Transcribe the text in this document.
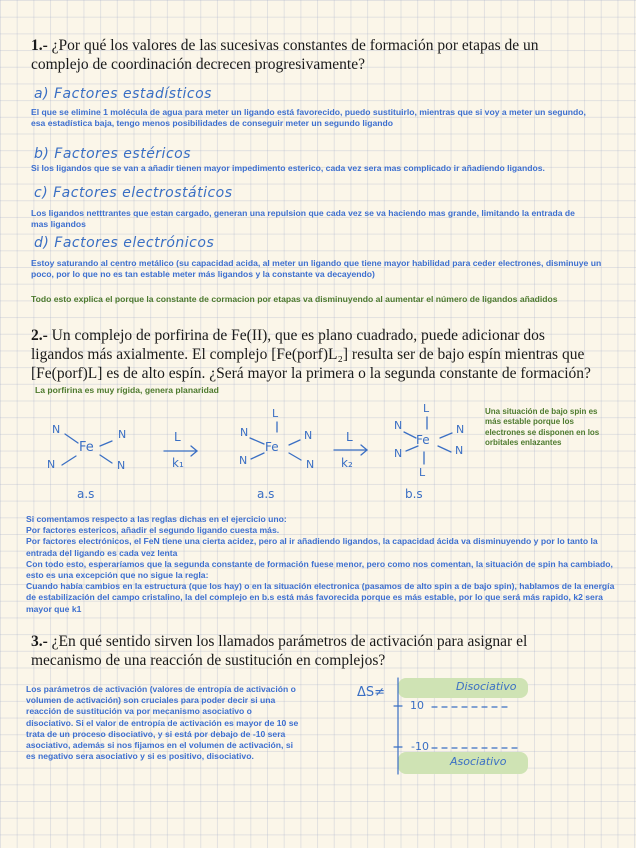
1.- ¿Por qué los valores de las sucesivas constantes de formación por etapas de un complejo de coordinación decrecen progresivamente?
a) Factores estadísticos
El que se elimine 1 molécula de agua para meter un ligando está favorecido, puedo sustituirlo, mientras que si voy a meter un segundo, esa estadística baja, tengo menos posibilidades de conseguir meter un segundo ligando
b) Factores estéricos
Si los ligandos que se van a añadir tienen mayor impedimento esterico, cada vez sera mas complicado ir añadiendo ligandos.
c) Factores electrostáticos
Los ligandos netttrantes que estan cargado, generan una repulsion que cada vez se va haciendo mas grande, limitando la entrada de mas ligandos
d) Factores electrónicos
Estoy saturando al centro metálico (su capacidad acida, al meter un ligando que tiene mayor habilidad para ceder electrones, disminuye un poco, por lo que no es tan estable meter más ligandos y la constante va decayendo)
Todo esto explica el porque la constante de cormacion por etapas va disminuyendo al aumentar el número de ligandos añadidos
2.- Un complejo de porfirina de Fe(II), que es plano cuadrado, puede adicionar dos ligandos más axialmente. El complejo [Fe(porf)L₂] resulta ser de bajo espín mientras que [Fe(porf)L] es de alto espín. ¿Será mayor la primera o la segunda constante de formación?
La porfirina es muy rígida, genera planaridad
Una situación de bajo spin es más estable porque los electrones se disponen en los orbitales enlazantes
N	N
Fe
N	N
a.s
L
k₁
L
N	N
Fe
N	N
a.s
L
k₂
L
N	N
Fe
N	N
L
b.s
Si comentamos respecto a las reglas dichas en el ejercicio uno:
Por factores estericos, añadir el segundo ligando cuesta más.
Por factores electrónicos, el FeN tiene una cierta acidez, pero al ir añadiendo ligandos, la capacidad ácida va disminuyendo y por lo tanto la entrada del ligando es cada vez lenta
Con todo esto, esperaríamos que la segunda constante de formación fuese menor, pero como nos comentan, la situación de spin ha cambiado, esto es una excepción que no sigue la regla:
Cuando había cambios en la estructura (que los hay) o en la situación electronica (pasamos de alto spin a de bajo spin), hablamos de la energía de estabilización del campo cristalino, la del complejo en b.s está más favorecida porque es más estable, por lo que será más rapido, k2 sera mayor que k1
3.- ¿En qué sentido sirven los llamados parámetros de activación para asignar el mecanismo de una reacción de sustitución en complejos?
Los parámetros de activación (valores de entropía de activación o volumen de activación) son cruciales para poder decir si una reacción de sustitución va por mecanismo asociativo o disociativo. Si el valor de entropía de activación es mayor de 10 se trata de un proceso disociativo, y si está por debajo de -10 sera asociativo, además si nos fijamos en el volumen de activación, si es negativo sera asociativo y si es positivo, disociativo.
ΔS≠	Disociativo
10
-10
Asociativo
